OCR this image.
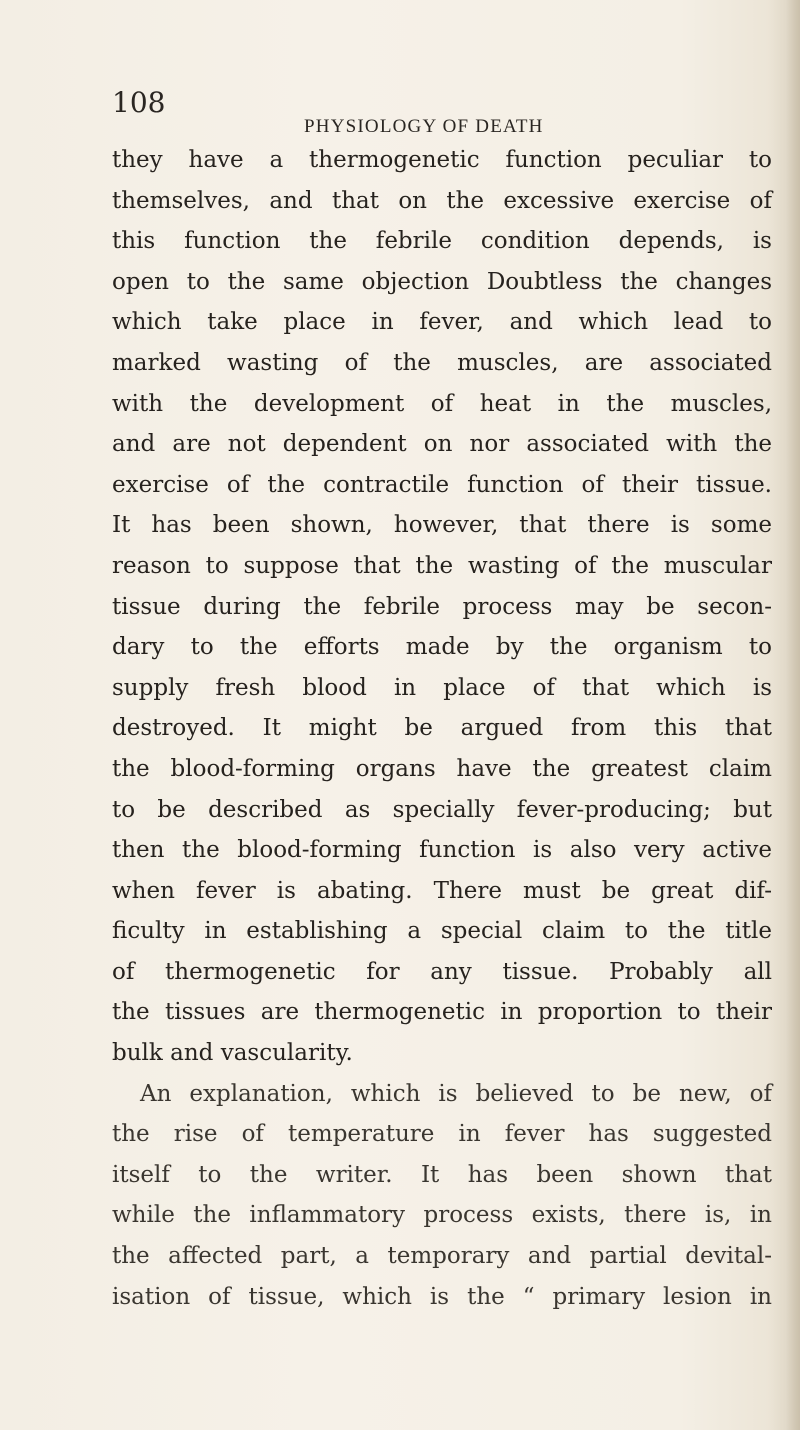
108
PHYSIOLOGY OF DEATH
they have a thermogenetic function peculiar to
themselves, and that on the excessive exercise of
this function the febrile condition depends, is
open to the same objection Doubtless the changes
which take place in fever, and which lead to
marked wasting of the muscles, are associated
with the development of heat in the muscles,
and are not dependent on nor associated with the
exercise of the contractile function of their tissue.
It has been shown, however, that there is some
reason to suppose that the wasting of the muscular
tissue during the febrile process may be secon-
dary to the efforts made by the organism to
supply fresh blood in place of that which is
destroyed. It might be argued from this that
the blood-forming organs have the greatest claim
to be described as specially fever-producing; but
then the blood-forming function is also very active
when fever is abating. There must be great dif-
ficulty in establishing a special claim to the title
of thermogenetic for any tissue. Probably all
the tissues are thermogenetic in proportion to their
bulk and vascularity.
An explanation, which is believed to be new, of
the rise of temperature in fever has suggested
itself to the writer. It has been shown that
while the inflammatory process exists, there is, in
the affected part, a temporary and partial devital-
isation of tissue, which is the “ primary lesion in
